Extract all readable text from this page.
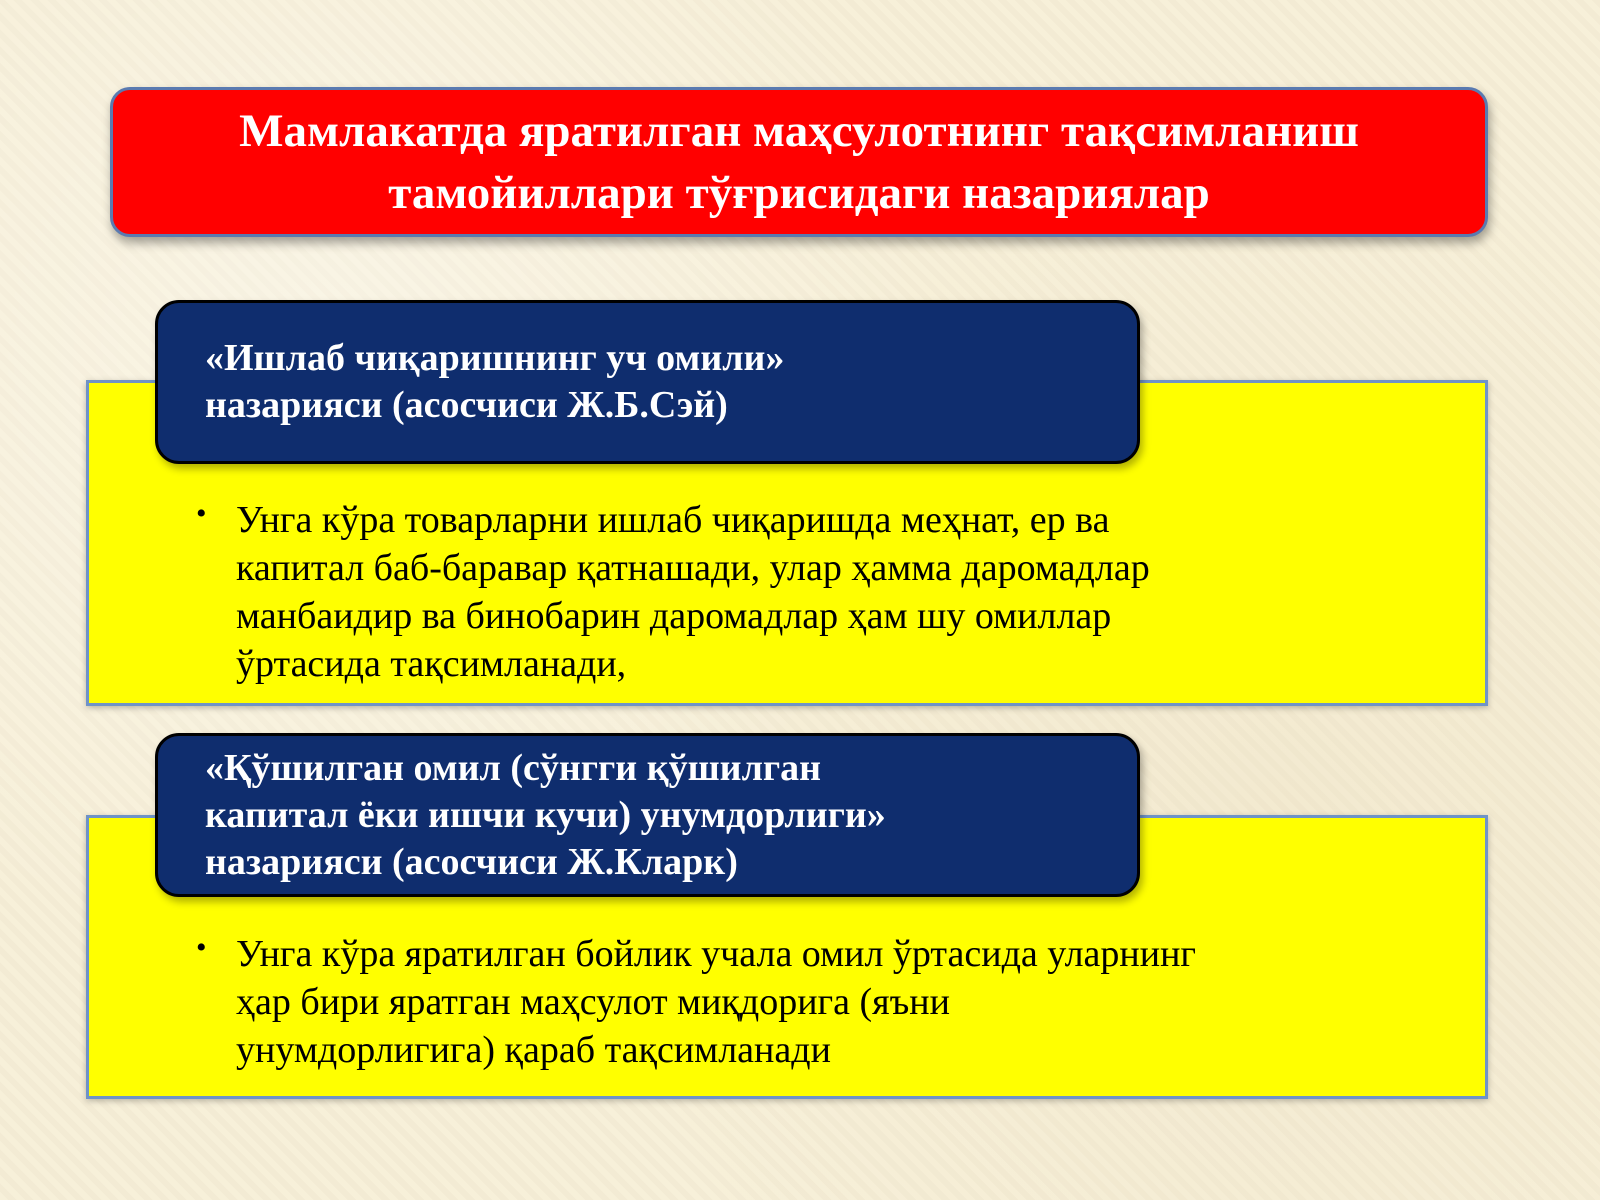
Мамлакатда яратилган маҳсулотнинг тақсимланиш
тамойиллари тўғрисидаги назариялар
«Ишлаб чиқаришнинг уч омили»
назарияси (асосчиси Ж.Б.Сэй)
• Унга кўра товарларни ишлаб чиқаришда меҳнат, ер ва
капитал баб-баравар қатнашади, улар ҳамма даромадлар
манбаидир ва бинобарин даромадлар ҳам шу омиллар
ўртасида тақсимланади,
«Қўшилган омил (сўнгги қўшилган
капитал ёки ишчи кучи) унумдорлиги»
назарияси (асосчиси Ж.Кларк)
• Унга кўра яратилган бойлик учала омил ўртасида уларнинг
ҳар бири яратган маҳсулот миқдорига (яъни
унумдорлигига) қараб тақсимланади
